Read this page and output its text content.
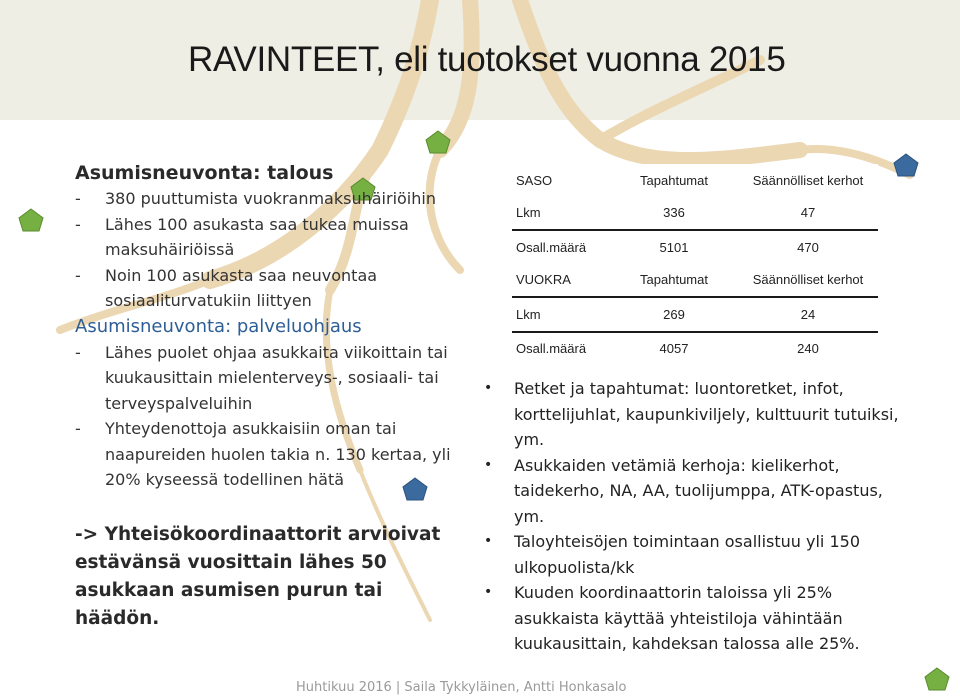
RAVINTEET, eli tuotokset vuonna 2015
Asumisneuvonta: talous
-	380 puuttumista vuokranmaksuhäiriöihin
-	Lähes 100 asukasta saa tukea muissa maksuhäiriöissä
-	Noin 100 asukasta saa neuvontaa sosiaaliturvatukiin liittyen
Asumisneuvonta: palveluohjaus
-	Lähes puolet ohjaa asukkaita viikoittain tai kuukausittain mielenterveys-, sosiaali- tai terveyspalveluihin
-	Yhteydenottoja asukkaisiin oman tai naapureiden huolen takia n. 130 kertaa, yli 20% kyseessä todellinen hätä
-> Yhteisökoordinaattorit arvioivat estävänsä vuosittain lähes 50 asukkaan asumisen purun tai häädön.
SASO	Tapahtumat	Säännölliset kerhot
Lkm	336	47
Osall.määrä	5101	470
VUOKRA	Tapahtumat	Säännölliset kerhot
Lkm	269	24
Osall.määrä	4057	240
•	Retket ja tapahtumat: luontoretket, infot, korttelijuhlat, kaupunkiviljely, kulttuurit tutuiksi, ym.
•	Asukkaiden vetämiä kerhoja: kielikerhot, taidekerho, NA, AA, tuolijumppa, ATK-opastus, ym.
•	Taloyhteisöjen toimintaan osallistuu yli 150 ulkopuolista/kk
•	Kuuden koordinaattorin taloissa yli 25% asukkaista käyttää yhteistiloja vähintään kuukausittain, kahdeksan talossa alle 25%.
Huhtikuu 2016 | Saila Tykkyläinen, Antti Honkasalo
